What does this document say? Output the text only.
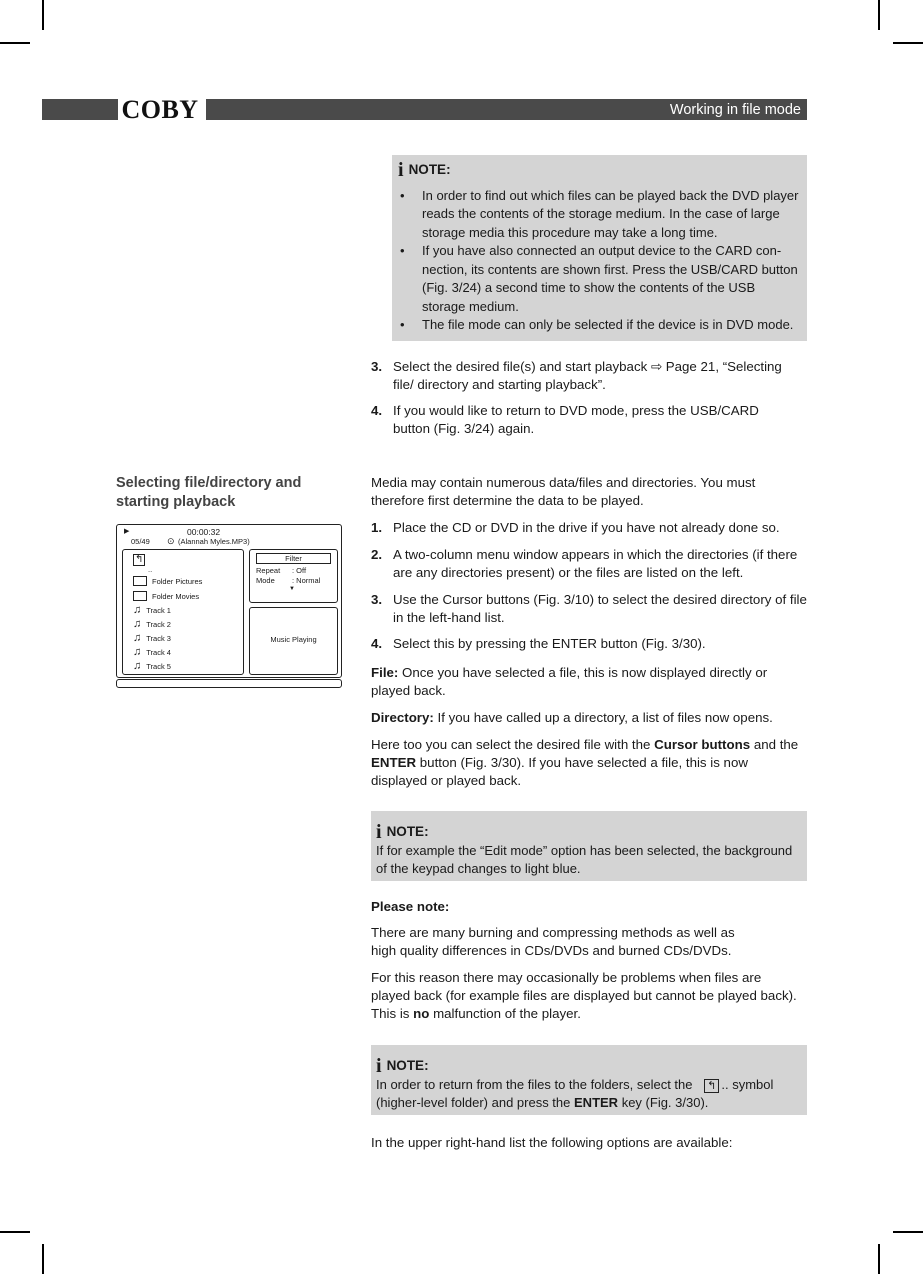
COBY	Working in file mode
i NOTE:
• In order to find out which files can be played back the DVD player reads the contents of the storage medium. In the case of large storage media this procedure may take a long time.
• If you have also connected an output device to the CARD con-nection, its contents are shown first. Press the USB/CARD button (Fig. 3/24) a second time to show the contents of the USB storage medium.
• The file mode can only be selected if the device is in DVD mode.
3. Select the desired file(s) and start playback ⇨ Page 21, “Selecting file/ directory and starting playback”.
4. If you would like to return to DVD mode, press the USB/CARD button (Fig. 3/24) again.
Selecting file/directory and starting playback
▶	00:00:32
05/49 ⊙ (Alannah Myles.MP3)
↰
..
Folder Pictures
Folder Movies
♫ Track 1
♫ Track 2
♫ Track 3
♫ Track 4
♫ Track 5
Filter
Repeat : Off
Mode : Normal
▼
Music Playing
Media may contain numerous data/files and directories. You must therefore first determine the data to be played.
1. Place the CD or DVD in the drive if you have not already done so.
2. A two-column menu window appears in which the directories (if there are any directories present) or the files are listed on the left.
3. Use the Cursor buttons (Fig. 3/10) to select the desired directory of file in the left-hand list.
4. Select this by pressing the ENTER button (Fig. 3/30).
File: Once you have selected a file, this is now displayed directly or played back.
Directory: If you have called up a directory, a list of files now opens.
Here too you can select the desired file with the Cursor buttons and the ENTER button (Fig. 3/30). If you have selected a file, this is now displayed or played back.
i NOTE:
If for example the “Edit mode” option has been selected, the background of the keypad changes to light blue.
Please note:
There are many burning and compressing methods as well as high quality differences in CDs/DVDs and burned CDs/DVDs.
For this reason there may occasionally be problems when files are played back (for example files are displayed but cannot be played back). This is no malfunction of the player.
i NOTE:
In order to return from the files to the folders, select the ↰ .. symbol (higher-level folder) and press the ENTER key (Fig. 3/30).
In the upper right-hand list the following options are available:
